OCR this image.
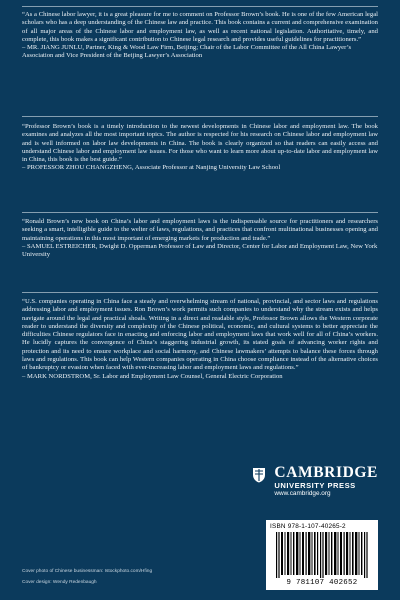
“As a Chinese labor lawyer, it is a great pleasure for me to comment on Professor Brown’s book. He is one of the few American legal scholars who has a deep understanding of the Chinese law and practice. This book contains a current and comprehensive examination of all major areas of the Chinese labor and employment law, as well as recent national legislation. Authoritative, timely, and complete, this book makes a significant contribution to Chinese legal research and provides useful guidelines for practitioners.”

– MR. JIANG JUNLU, Partner, King & Wood Law Firm, Beijing; Chair of the Labor Committee of the All China Lawyer’s Association and Vice President of the Beijing Lawyer’s Association

“Professor Brown’s book is a timely introduction to the newest developments in Chinese labor and employment law. The book examines and analyzes all the most important topics. The author is respected for his research on Chinese labor and employment law and is well informed on labor law developments in China. The book is clearly organized so that readers can easily access and understand Chinese labor and employment law issues. For those who want to learn more about up-to-date labor and employment law in China, this book is the best guide.”

– PROFESSOR ZHOU CHANGZHENG, Associate Professor at Nanjing University Law School

“Ronald Brown’s new book on China’s labor and employment laws is the indispensable source for practitioners and researchers seeking a smart, intelligible guide to the welter of laws, regulations, and practices that confront multinational businesses opening and maintaining operations in this most important of emerging markets for production and trade.”

– SAMUEL ESTREICHER, Dwight D. Opperman Professor of Law and Director, Center for Labor and Employment Law, New York University

“U.S. companies operating in China face a steady and overwhelming stream of national, provincial, and sector laws and regulations addressing labor and employment issues. Ron Brown’s work permits such companies to understand why the stream exists and helps navigate around the legal and practical shoals. Writing in a direct and readable style, Professor Brown allows the Western corporate reader to understand the diversity and complexity of the Chinese political, economic, and cultural systems to better appreciate the difficulties Chinese regulators face in enacting and enforcing labor and employment laws that work well for all of China’s workers. He lucidly captures the convergence of China’s staggering industrial growth, its stated goals of advancing worker rights and protection and its need to ensure workplace and social harmony, and Chinese lawmakers’ attempts to balance these forces through laws and regulations. This book can help Western companies operating in China choose compliance instead of the alternative choices of bankruptcy or evasion when faced with ever-increasing labor and employment laws and regulations.”

– MARK NORDSTROM, Sr. Labor and Employment Law Counsel, General Electric Corporation

CAMBRIDGE
UNIVERSITY PRESS
www.cambridge.org
ISBN 978-1-107-40265-2
9 781107 402652
Cover photo of Chinese businessman: Istockphoto.com/Hfing
Cover design: Wendy Redenbaugh
